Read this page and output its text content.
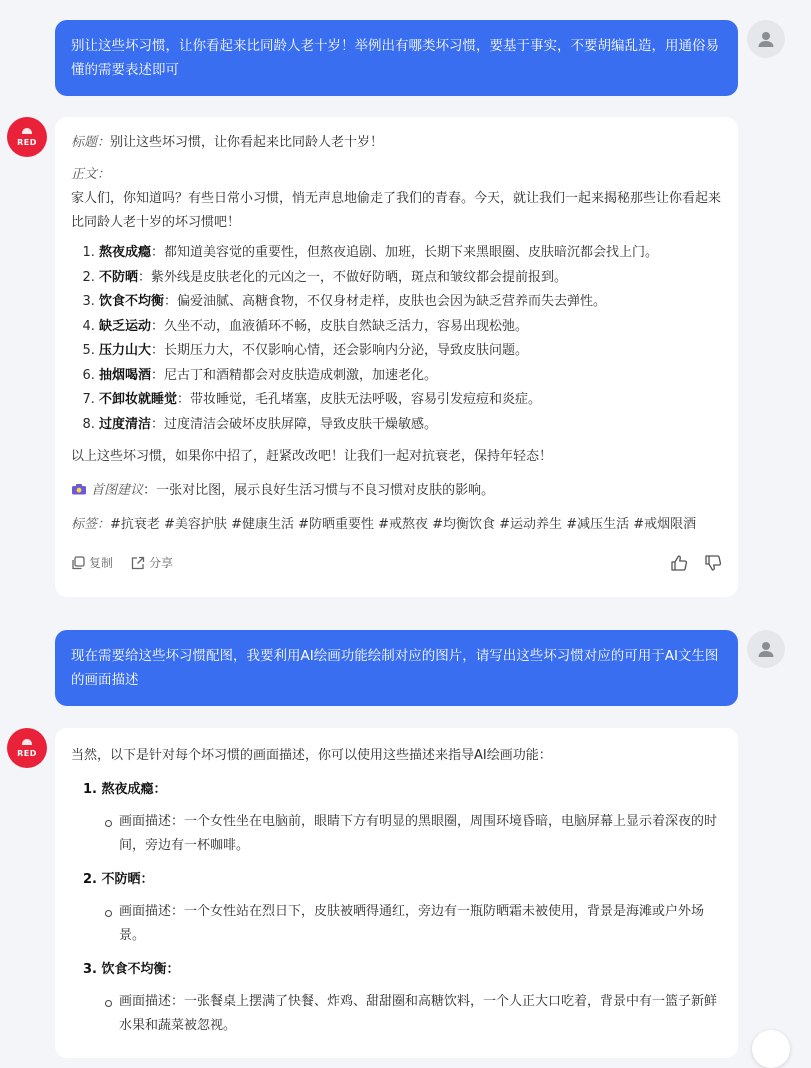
别让这些坏习惯，让你看起来比同龄人老十岁！举例出有哪类坏习惯，要基于事实，不要胡编乱造，用通俗易懂的需要表述即可
RED	标题：别让这些坏习惯，让你看起来比同龄人老十岁！

正文：

家人们，你知道吗？有些日常小习惯，悄无声息地偷走了我们的青春。今天，就让我们一起来揭秘那些让你看起来比同龄人老十岁的坏习惯吧！

1. 熬夜成瘾：都知道美容觉的重要性，但熬夜追剧、加班，长期下来黑眼圈、皮肤暗沉都会找上门。
2. 不防晒：紫外线是皮肤老化的元凶之一，不做好防晒，斑点和皱纹都会提前报到。
3. 饮食不均衡：偏爱油腻、高糖食物，不仅身材走样，皮肤也会因为缺乏营养而失去弹性。
4. 缺乏运动：久坐不动，血液循环不畅，皮肤自然缺乏活力，容易出现松弛。
5. 压力山大：长期压力大，不仅影响心情，还会影响内分泌，导致皮肤问题。
6. 抽烟喝酒：尼古丁和酒精都会对皮肤造成刺激，加速老化。
7. 不卸妆就睡觉：带妆睡觉，毛孔堵塞，皮肤无法呼吸，容易引发痘痘和炎症。
8. 过度清洁：过度清洁会破坏皮肤屏障，导致皮肤干燥敏感。

以上这些坏习惯，如果你中招了，赶紧改改吧！让我们一起对抗衰老，保持年轻态！

首图建议：一张对比图，展示良好生活习惯与不良习惯对皮肤的影响。

标签：#抗衰老 #美容护肤 #健康生活 #防晒重要性 #戒熬夜 #均衡饮食 #运动养生 #减压生活 #戒烟限酒

复制	分享
现在需要给这些坏习惯配图，我要利用AI绘画功能绘制对应的图片，请写出这些坏习惯对应的可用于AI文生图的画面描述
RED	当然，以下是针对每个坏习惯的画面描述，你可以使用这些描述来指导AI绘画功能：

1. 熬夜成瘾：

画面描述：一个女性坐在电脑前，眼睛下方有明显的黑眼圈，周围环境昏暗，电脑屏幕上显示着深夜的时间，旁边有一杯咖啡。

2. 不防晒：

画面描述：一个女性站在烈日下，皮肤被晒得通红，旁边有一瓶防晒霜未被使用，背景是海滩或户外场景。

3. 饮食不均衡：

画面描述：一张餐桌上摆满了快餐、炸鸡、甜甜圈和高糖饮料，一个人正大口吃着，背景中有一篮子新鲜水果和蔬菜被忽视。
